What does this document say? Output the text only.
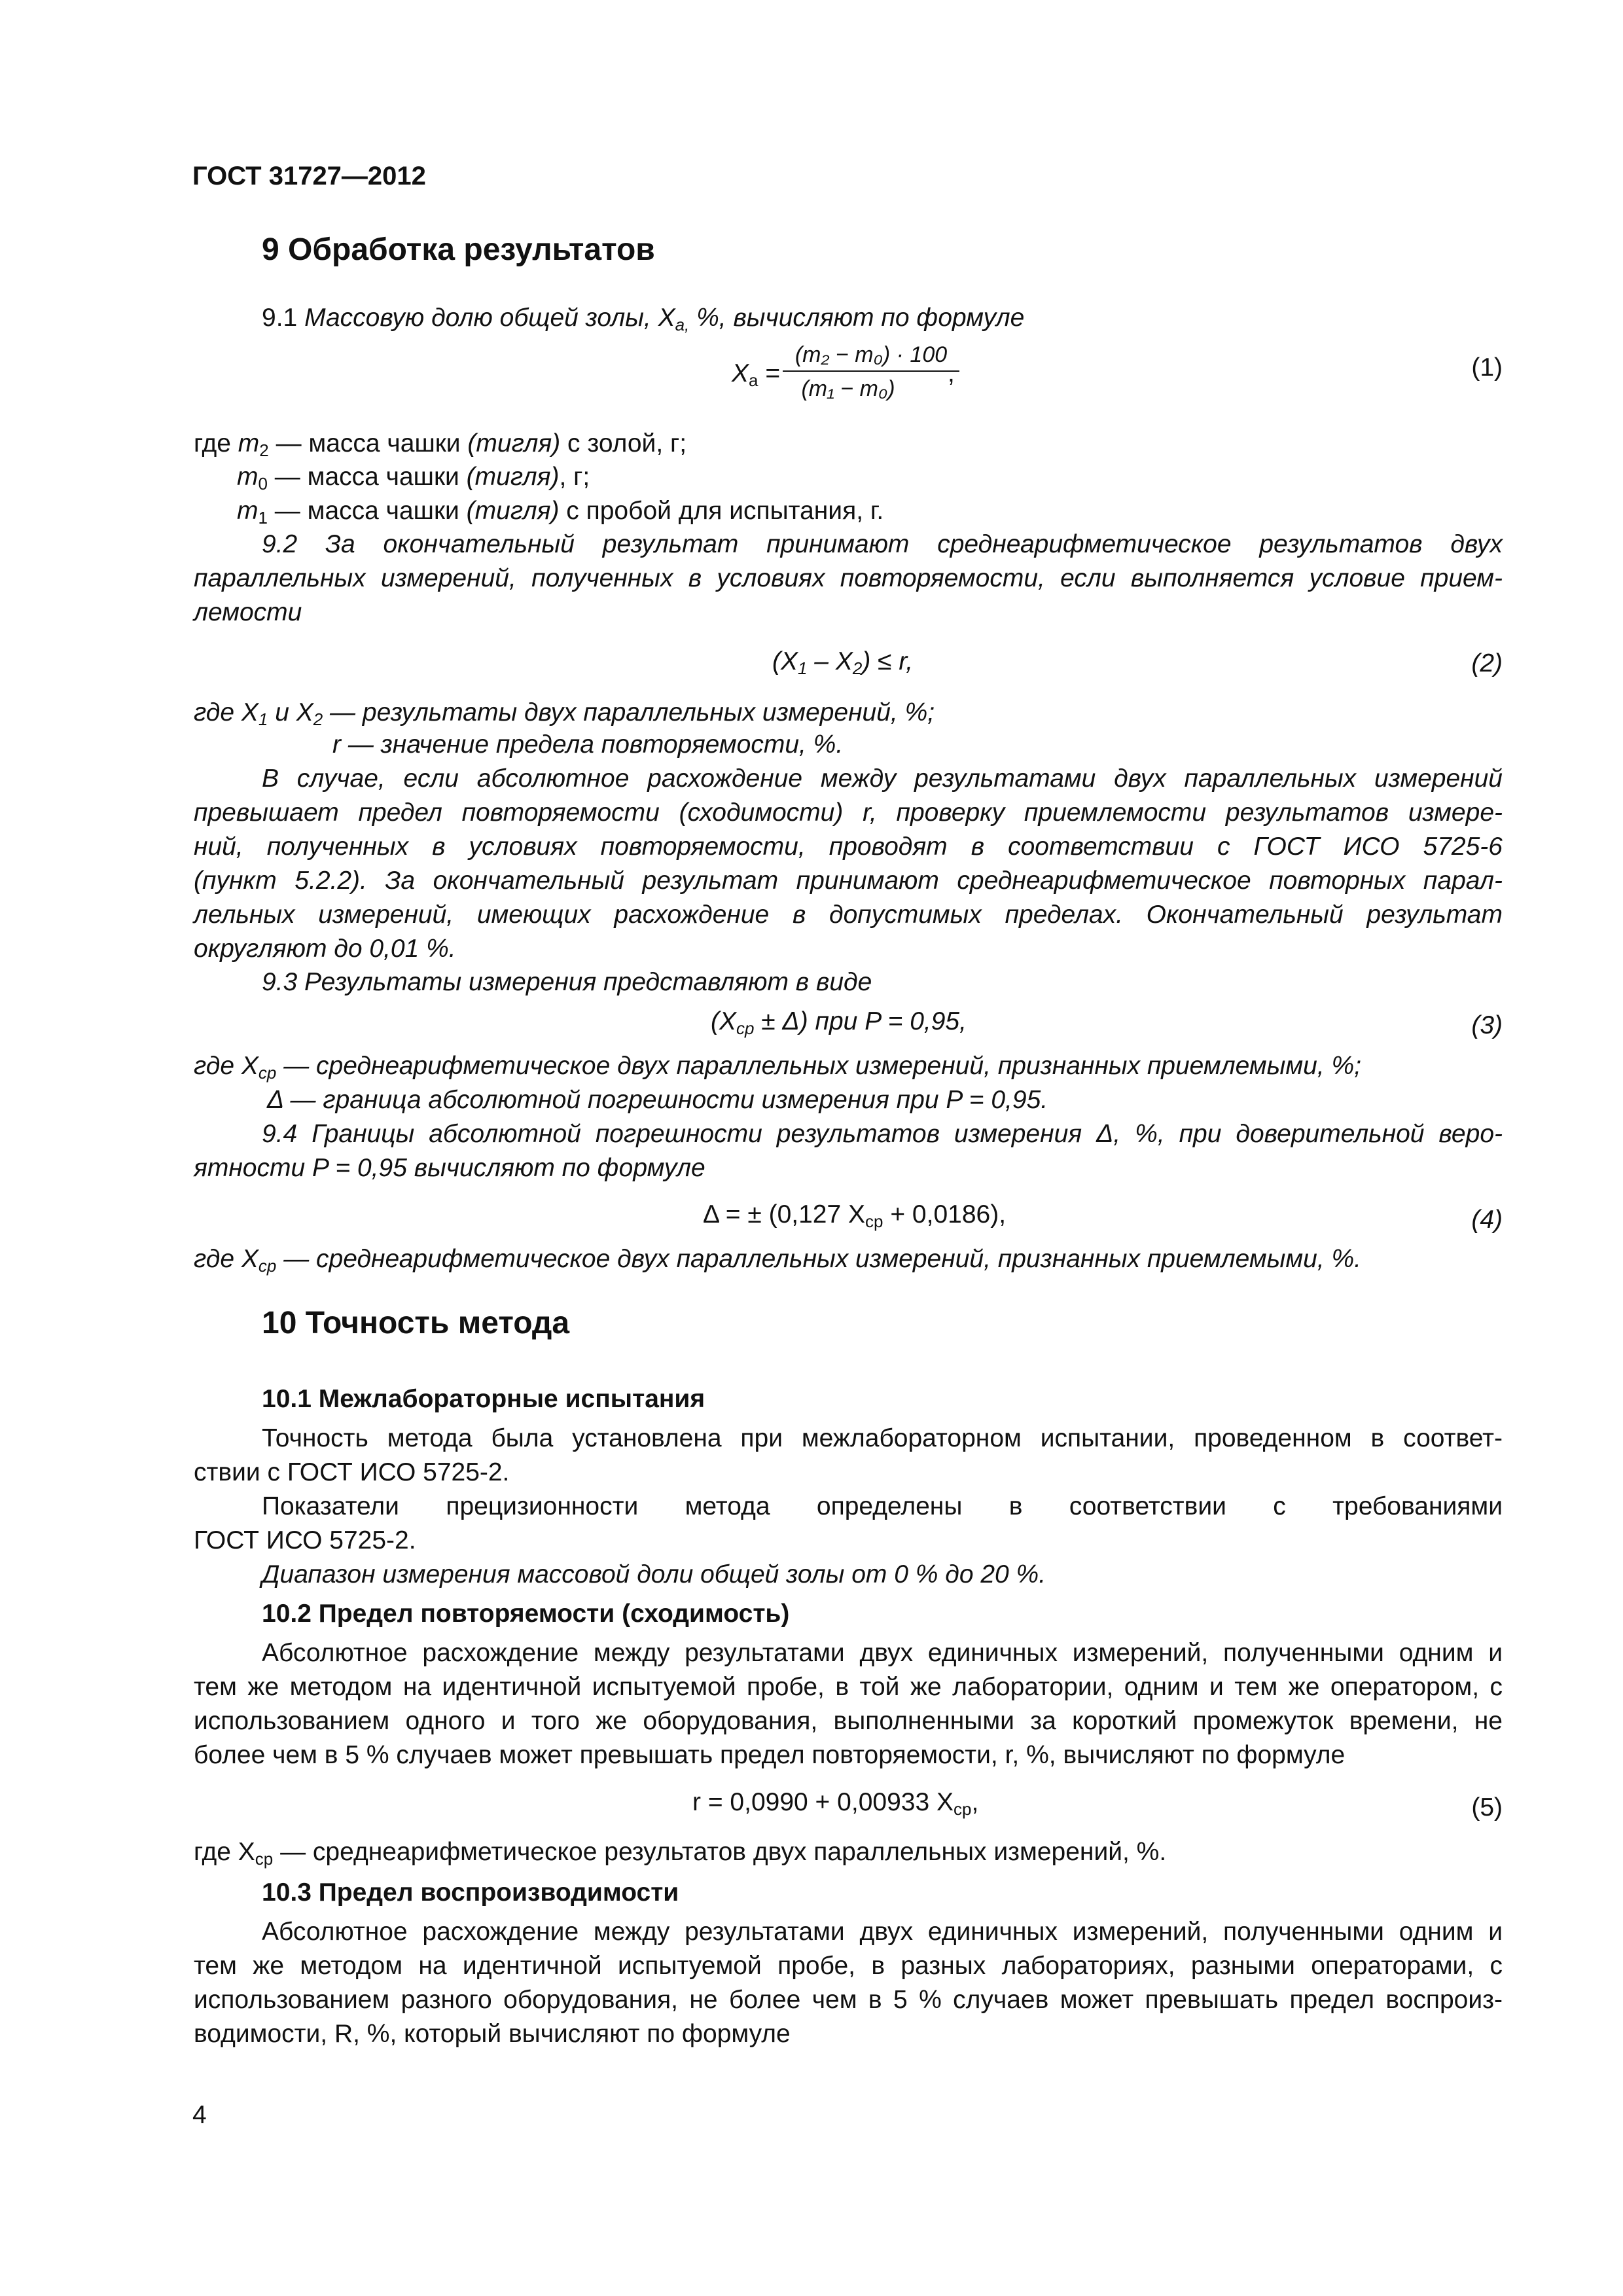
ГОСТ 31727—2012
9 Обработка результатов
9.1 Массовую долю общей золы, $X_{а,}$ %, вычисляют по формуле
$X_а$ =
(m₂ − m₀) · 100
(m₁ − m₀)
,	(1)
где $m_2$ — масса чашки (тигля) с золой, г;
$m_0$ — масса чашки (тигля), г;
$m_1$ — масса чашки (тигля) с пробой для испытания, г.
9.2 За окончательный результат принимают среднеарифметическое результатов двух
параллельных измерений, полученных в условиях повторяемости, если выполняется условие прием-
лемости
$(X_1 - X_2) \le r$,	(2)
где $X_1$ и $X_2$ — результаты двух параллельных измерений, %;
r — значение предела повторяемости, %.
В случае, если абсолютное расхождение между результатами двух параллельных измерений
превышает предел повторяемости (сходимости) r, проверку приемлемости результатов измере-
ний, полученных в условиях повторяемости, проводят в соответствии с ГОСТ ИСО 5725-6
(пункт 5.2.2). За окончательный результат принимают среднеарифметическое повторных парал-
лельных измерений, имеющих расхождение в допустимых пределах. Окончательный результат
округляют до 0,01 %.
9.3 Результаты измерения представляют в виде
$(X_{ср} \pm \Delta)$ при P = 0,95,	(3)
где $X_{ср}$ — среднеарифметическое двух параллельных измерений, признанных приемлемыми, %;
Δ — граница абсолютной погрешности измерения при P = 0,95.
9.4 Границы абсолютной погрешности результатов измерения Δ, %, при доверительной веро-
ятности P = 0,95 вычисляют по формуле
Δ = ± (0,127 $X_{ср} + 0,0186$),	(4)
где $X_{ср}$ — среднеарифметическое двух параллельных измерений, признанных приемлемыми, %.
10 Точность метода
10.1 Межлабораторные испытания
Точность метода была установлена при межлабораторном испытании, проведенном в соответ-
ствии с ГОСТ ИСО 5725-2.
Показатели прецизионности метода определены в соответствии с требованиями
ГОСТ ИСО 5725-2.
Диапазон измерения массовой доли общей золы от 0 % до 20 %.
10.2 Предел повторяемости (сходимость)
Абсолютное расхождение между результатами двух единичных измерений, полученными одним и
тем же методом на идентичной испытуемой пробе, в той же лаборатории, одним и тем же оператором, с
использованием одного и того же оборудования, выполненными за короткий промежуток времени, не
более чем в 5 % случаев может превышать предел повторяемости, r, %, вычисляют по формуле
r = 0,0990 + 0,00933 $X_{ср}$,	(5)
где $X_{ср}$ — среднеарифметическое результатов двух параллельных измерений, %.
10.3 Предел воспроизводимости
Абсолютное расхождение между результатами двух единичных измерений, полученными одним и
тем же методом на идентичной испытуемой пробе, в разных лабораториях, разными операторами, с
использованием разного оборудования, не более чем в 5 % случаев может превышать предел воспроиз-
водимости, R, %, который вычисляют по формуле
4
